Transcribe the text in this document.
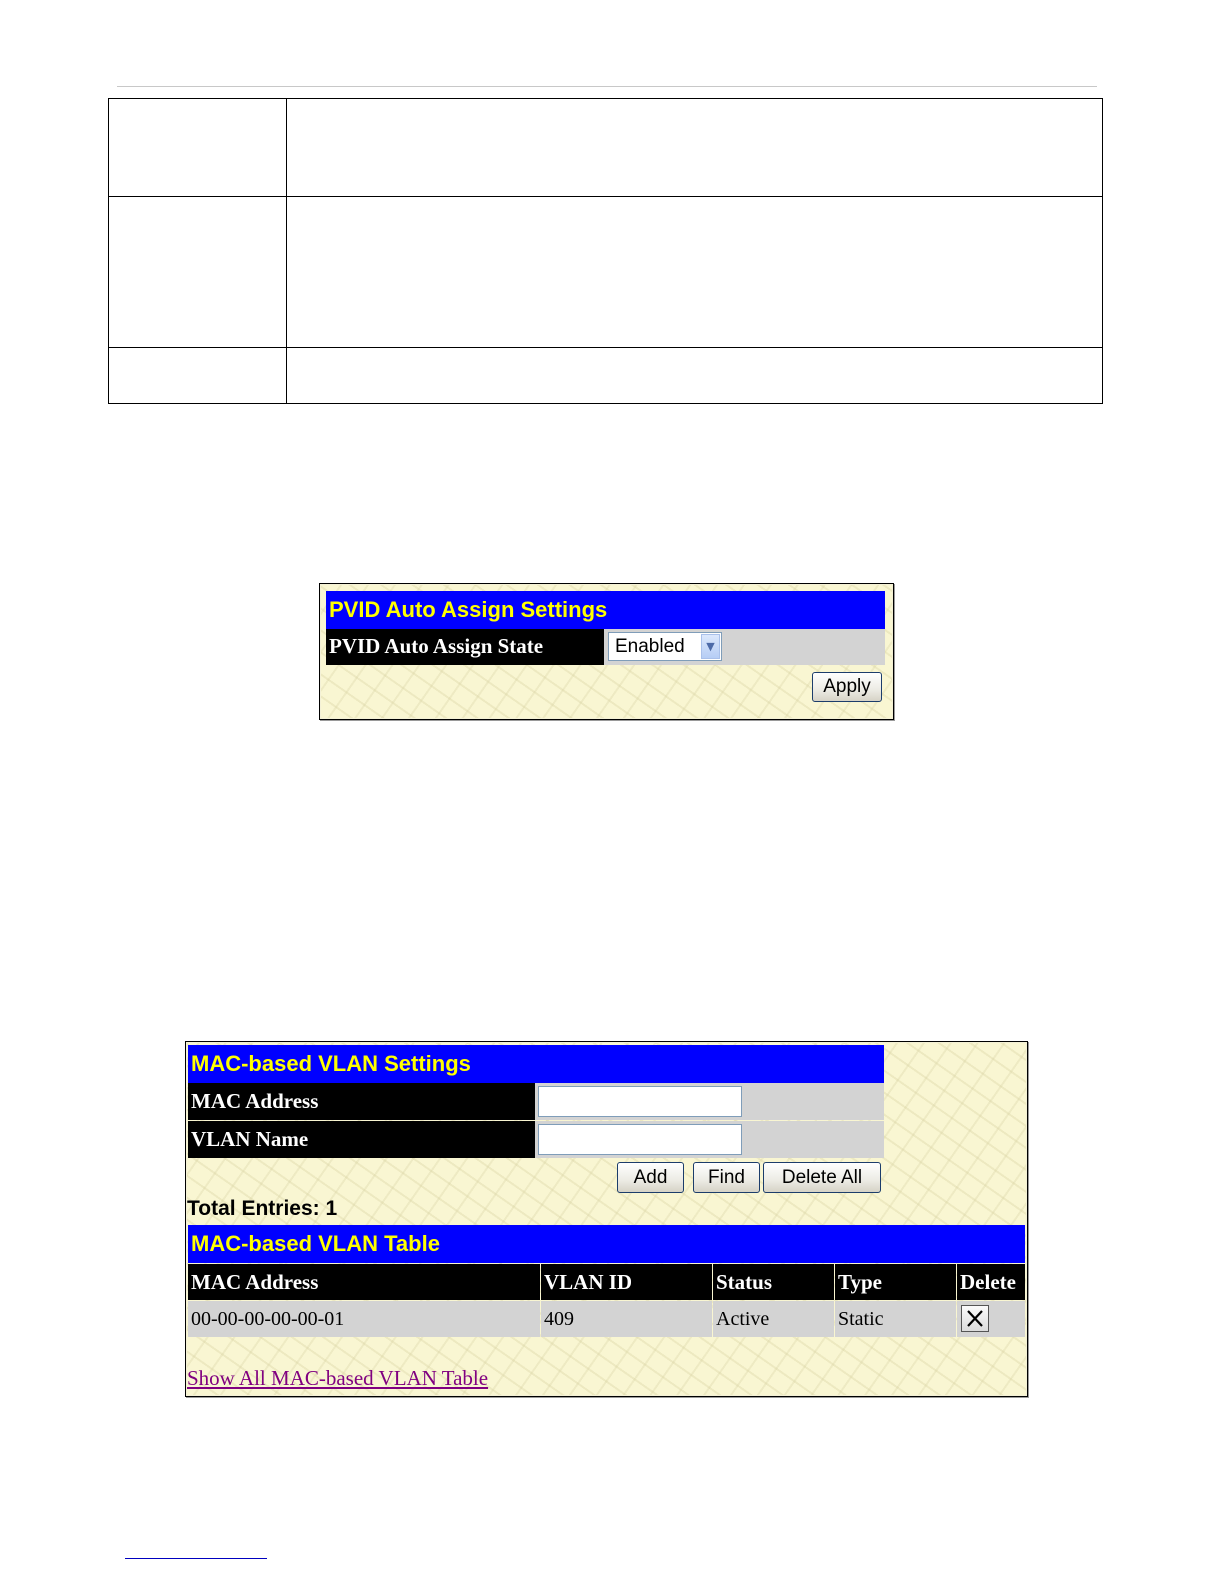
PVID Auto Assign Settings
PVID Auto Assign State	Enabled	▼
Apply
MAC-based VLAN Settings
MAC Address
VLAN Name
Add	Find	Delete All
Total Entries: 1
MAC-based VLAN Table
MAC Address	VLAN ID	Status	Type	Delete
00-00-00-00-00-01	409	Active	Static
Show All MAC-based VLAN Table
